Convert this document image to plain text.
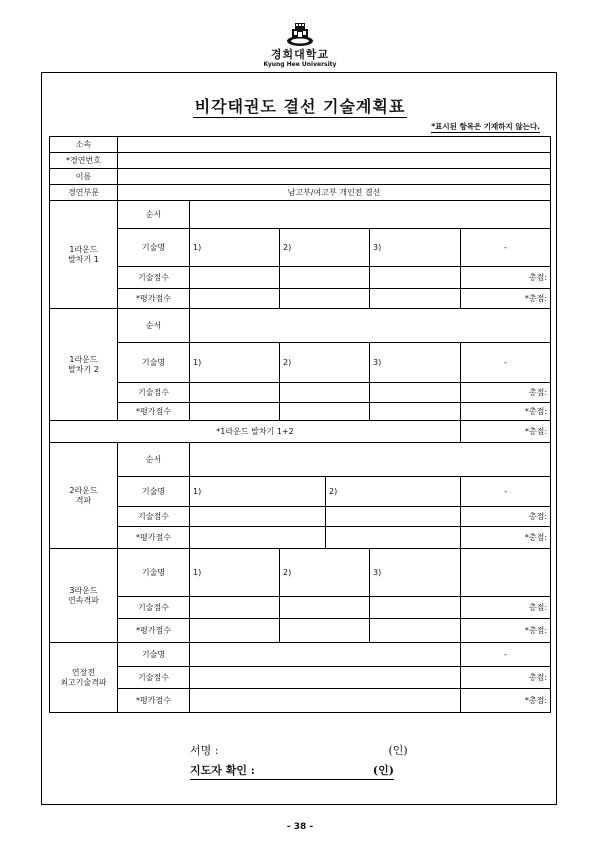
경희대학교
Kyung Hee University
비각태권도 결선 기술계획표
*표시된 항목은 기재하지 않는다.
소속						
*경연번호						
이름						
경연부문	남고부/여고부 개인전 결선					
1라운드
발차기 1	순서					
	기술명	1)	2)		3)	-
	기술점수					총점:
	*평가점수					*총점:
1라운드
발차기 2	순서					
	기술명	1)	2)		3)	-
	기술점수					총점:
	*평가점수					*총점:
*1라운드 발차기 1+2						*총점:
2라운드
격파	순서					
	기술명	1)		2)		-
	기술점수					총점:
	*평가점수					*총점:
3라운드
연속격파	기술명	1)	2)		3)	
	기술점수					총점:
	*평가점수					*총점:
연장전
최고기술격파	기술명					-
	기술점수					총점:
	*평가점수					*총점:
서명 :	(인)
지도자 확인 :	(인)
- 38 -
